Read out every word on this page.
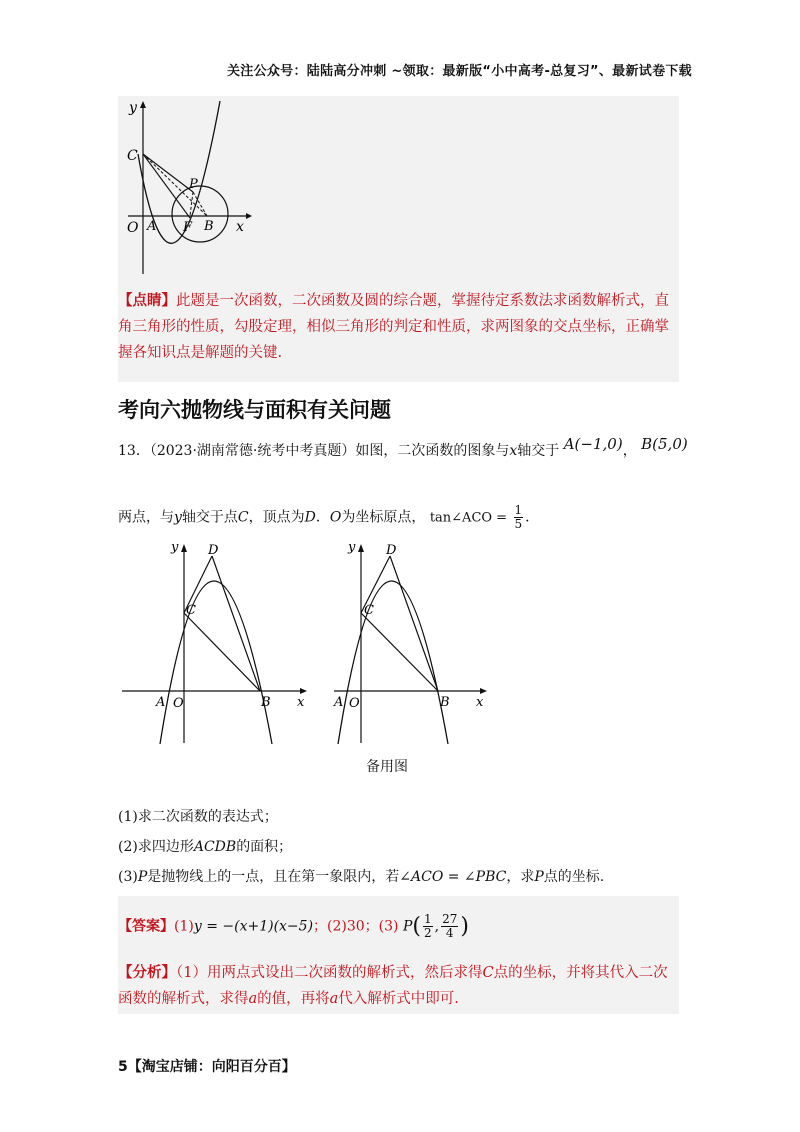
关注公众号：陆陆高分冲刺 ~领取：最新版“小中高考-总复习”、最新试卷下载
y
x
C
P
O A F B
【点睛】此题是一次函数，二次函数及圆的综合题，掌握待定系数法求函数解析式，直角三角形的性质，勾股定理，相似三角形的判定和性质，求两图象的交点坐标，正确掌握各知识点是解题的关键.
考向六抛物线与面积有关问题
13．（2023·湖南常德·统考中考真题）如图，二次函数的图象与x轴交于 A(−1,0)， B(5,0)
两点，与y轴交于点C，顶点为D．O为坐标原点， tan∠ACO = $\frac{1}{5}$ ．
y
x
D
C
A O	B
y
x
D
C
A O	B
备用图
(1)求二次函数的表达式；
(2)求四边形ACDB的面积；
(3)P是抛物线上的一点，且在第一象限内，若∠ACO = ∠PBC，求P点的坐标.
【答案】(1)y = −(x+1)(x−5)；(2)30；(3) $P( \frac{1}{2}$ , $\frac{27}{4}$ )
【分析】（1）用两点式设出二次函数的解析式，然后求得C点的坐标，并将其代入二次函数的解析式，求得a的值，再将a代入解析式中即可.
5【淘宝店铺：向阳百分百】
